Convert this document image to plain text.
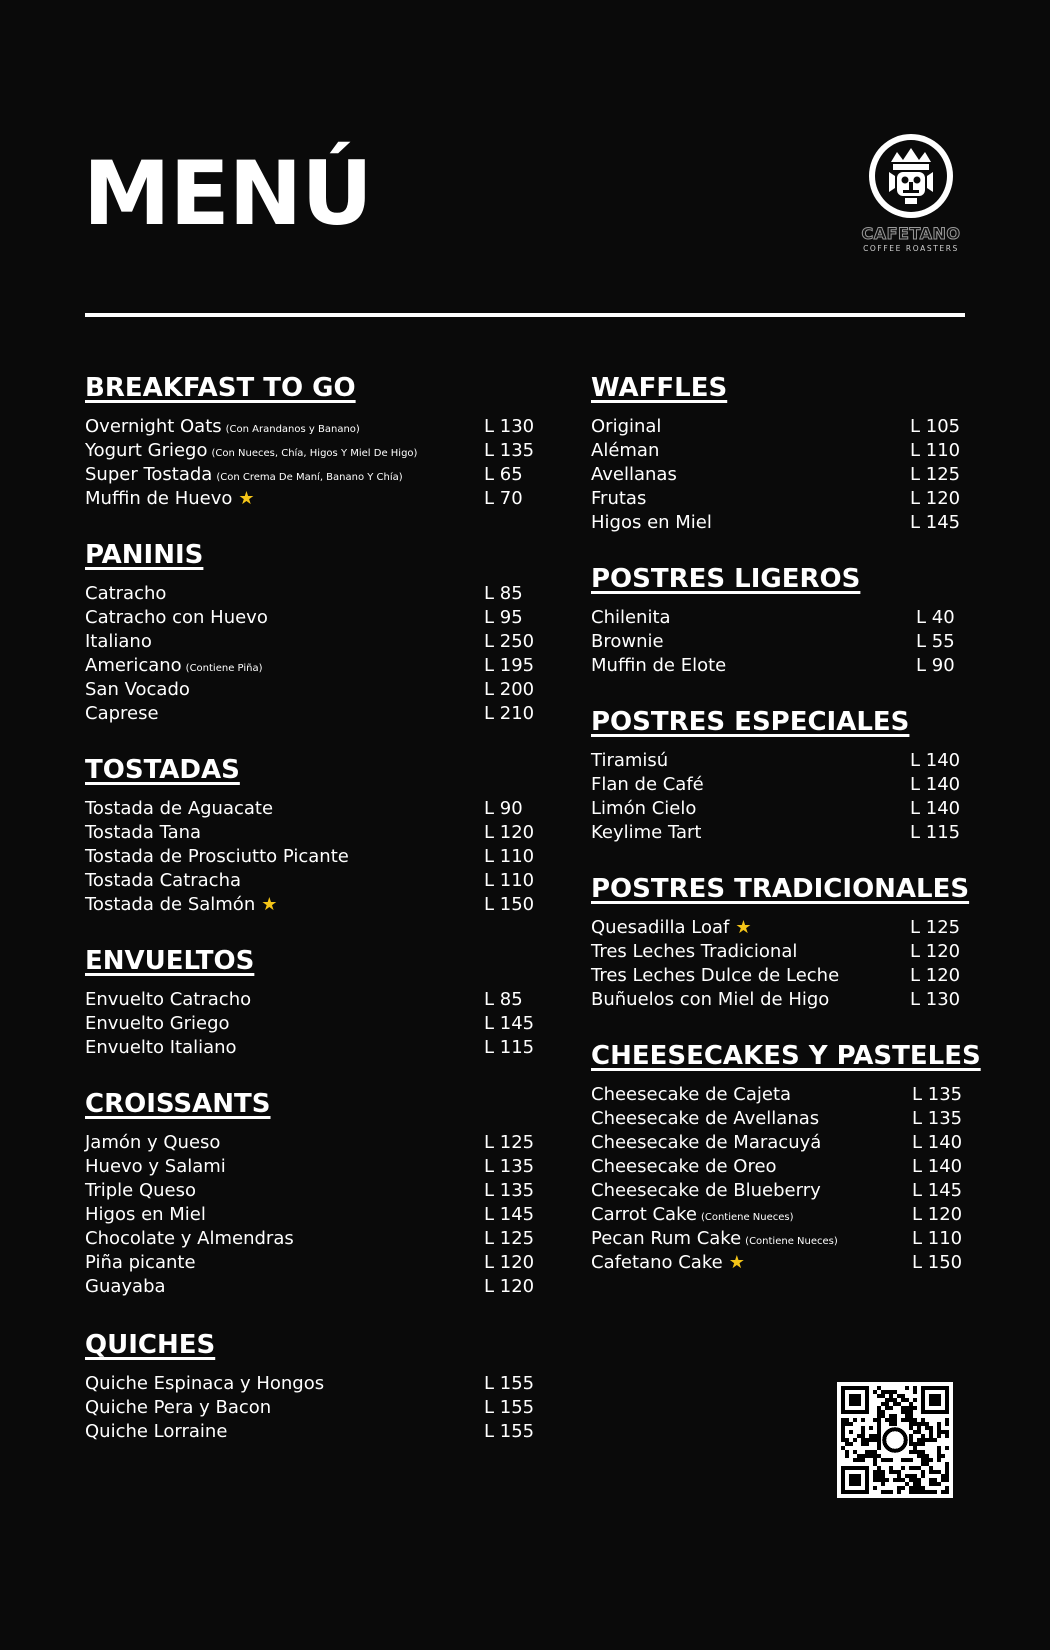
MENÚ	CAFETANO
COFFEE ROASTERS
BREAKFAST TO GO
Overnight Oats (Con Arandanos y Banano)	L 130
Yogurt Griego (Con Nueces, Chía, Higos Y Miel De Higo)	L 135
Super Tostada (Con Crema De Maní, Banano Y Chía)	L 65
Muffin de Huevo ★	L 70
PANINIS
Catracho	L 85
Catracho con Huevo	L 95
Italiano	L 250
Americano (Contiene Piña)	L 195
San Vocado	L 200
Caprese	L 210
TOSTADAS
Tostada de Aguacate	L 90
Tostada Tana	L 120
Tostada de Prosciutto Picante	L 110
Tostada Catracha	L 110
Tostada de Salmón ★	L 150
ENVUELTOS
Envuelto Catracho	L 85
Envuelto Griego	L 145
Envuelto Italiano	L 115
CROISSANTS
Jamón y Queso	L 125
Huevo y Salami	L 135
Triple Queso	L 135
Higos en Miel	L 145
Chocolate y Almendras	L 125
Piña picante	L 120
Guayaba	L 120
QUICHES
Quiche Espinaca y Hongos	L 155
Quiche Pera y Bacon	L 155
Quiche Lorraine	L 155
WAFFLES
Original	L 105
Aléman	L 110
Avellanas	L 125
Frutas	L 120
Higos en Miel	L 145
POSTRES LIGEROS
Chilenita	L 40
Brownie	L 55
Muffin de Elote	L 90
POSTRES ESPECIALES
Tiramisú	L 140
Flan de Café	L 140
Limón Cielo	L 140
Keylime Tart	L 115
POSTRES TRADICIONALES
Quesadilla Loaf ★	L 125
Tres Leches Tradicional	L 120
Tres Leches Dulce de Leche	L 120
Buñuelos con Miel de Higo	L 130
CHEESECAKES Y PASTELES
Cheesecake de Cajeta	L 135
Cheesecake de Avellanas	L 135
Cheesecake de Maracuyá	L 140
Cheesecake de Oreo	L 140
Cheesecake de Blueberry	L 145
Carrot Cake (Contiene Nueces)	L 120
Pecan Rum Cake (Contiene Nueces)	L 110
Cafetano Cake ★	L 150
